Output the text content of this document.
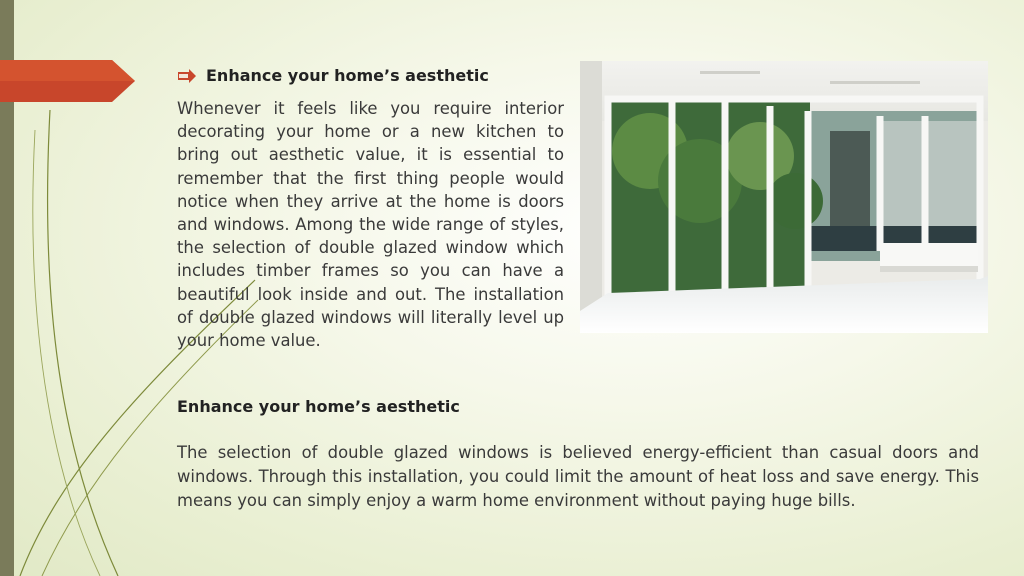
Enhance your home’s aesthetic
Whenever it feels like you require interior decorating your home or a new kitchen to bring out aesthetic value, it is essential to remember that the first thing people would notice when they arrive at the home is doors and windows. Among the wide range of styles, the selection of double glazed window which includes timber frames so you can have a beautiful look inside and out. The installation of double glazed windows will literally level up your home value.
Enhance your home’s aesthetic
The selection of double glazed windows is believed energy-efficient than casual doors and windows. Through this installation, you could limit the amount of heat loss and save energy. This means you can simply enjoy a warm home environment without paying huge bills.
